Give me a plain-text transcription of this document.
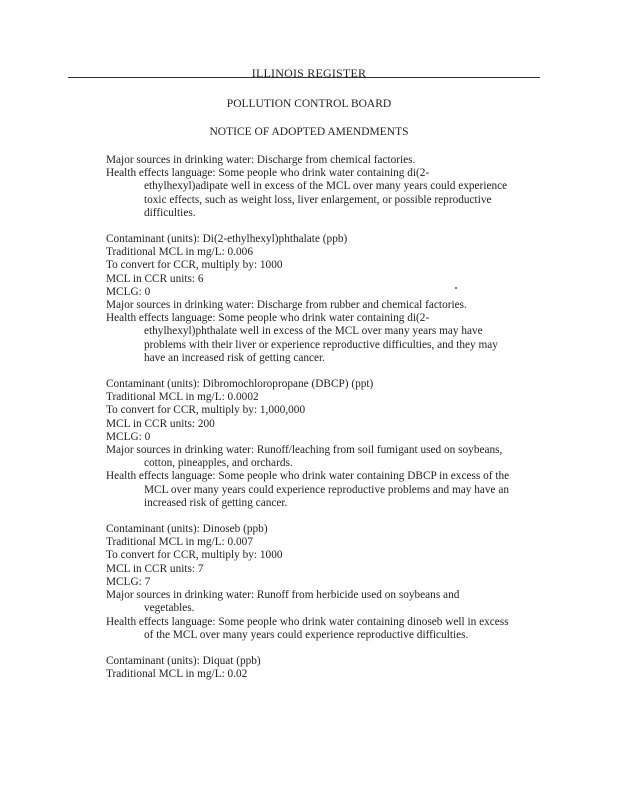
ILLINOIS REGISTER
POLLUTION CONTROL BOARD
NOTICE OF ADOPTED AMENDMENTS
Major sources in drinking water: Discharge from chemical factories.
Health effects language: Some people who drink water containing di(2-
ethylhexyl)adipate well in excess of the MCL over many years could experience
toxic effects, such as weight loss, liver enlargement, or possible reproductive
difficulties.
Contaminant (units): Di(2-ethylhexyl)phthalate (ppb)
Traditional MCL in mg/L: 0.006
To convert for CCR, multiply by: 1000
MCL in CCR units: 6
MCLG: 0
Major sources in drinking water: Discharge from rubber and chemical factories.
Health effects language: Some people who drink water containing di(2-
ethylhexyl)phthalate well in excess of the MCL over many years may have
problems with their liver or experience reproductive difficulties, and they may
have an increased risk of getting cancer.
Contaminant (units): Dibromochloropropane (DBCP) (ppt)
Traditional MCL in mg/L: 0.0002
To convert for CCR, multiply by: 1,000,000
MCL in CCR units: 200
MCLG: 0
Major sources in drinking water: Runoff/leaching from soil fumigant used on soybeans,
cotton, pineapples, and orchards.
Health effects language: Some people who drink water containing DBCP in excess of the
MCL over many years could experience reproductive problems and may have an
increased risk of getting cancer.
Contaminant (units): Dinoseb (ppb)
Traditional MCL in mg/L: 0.007
To convert for CCR, multiply by: 1000
MCL in CCR units: 7
MCLG: 7
Major sources in drinking water: Runoff from herbicide used on soybeans and
vegetables.
Health effects language: Some people who drink water containing dinoseb well in excess
of the MCL over many years could experience reproductive difficulties.
Contaminant (units): Diquat (ppb)
Traditional MCL in mg/L: 0.02
